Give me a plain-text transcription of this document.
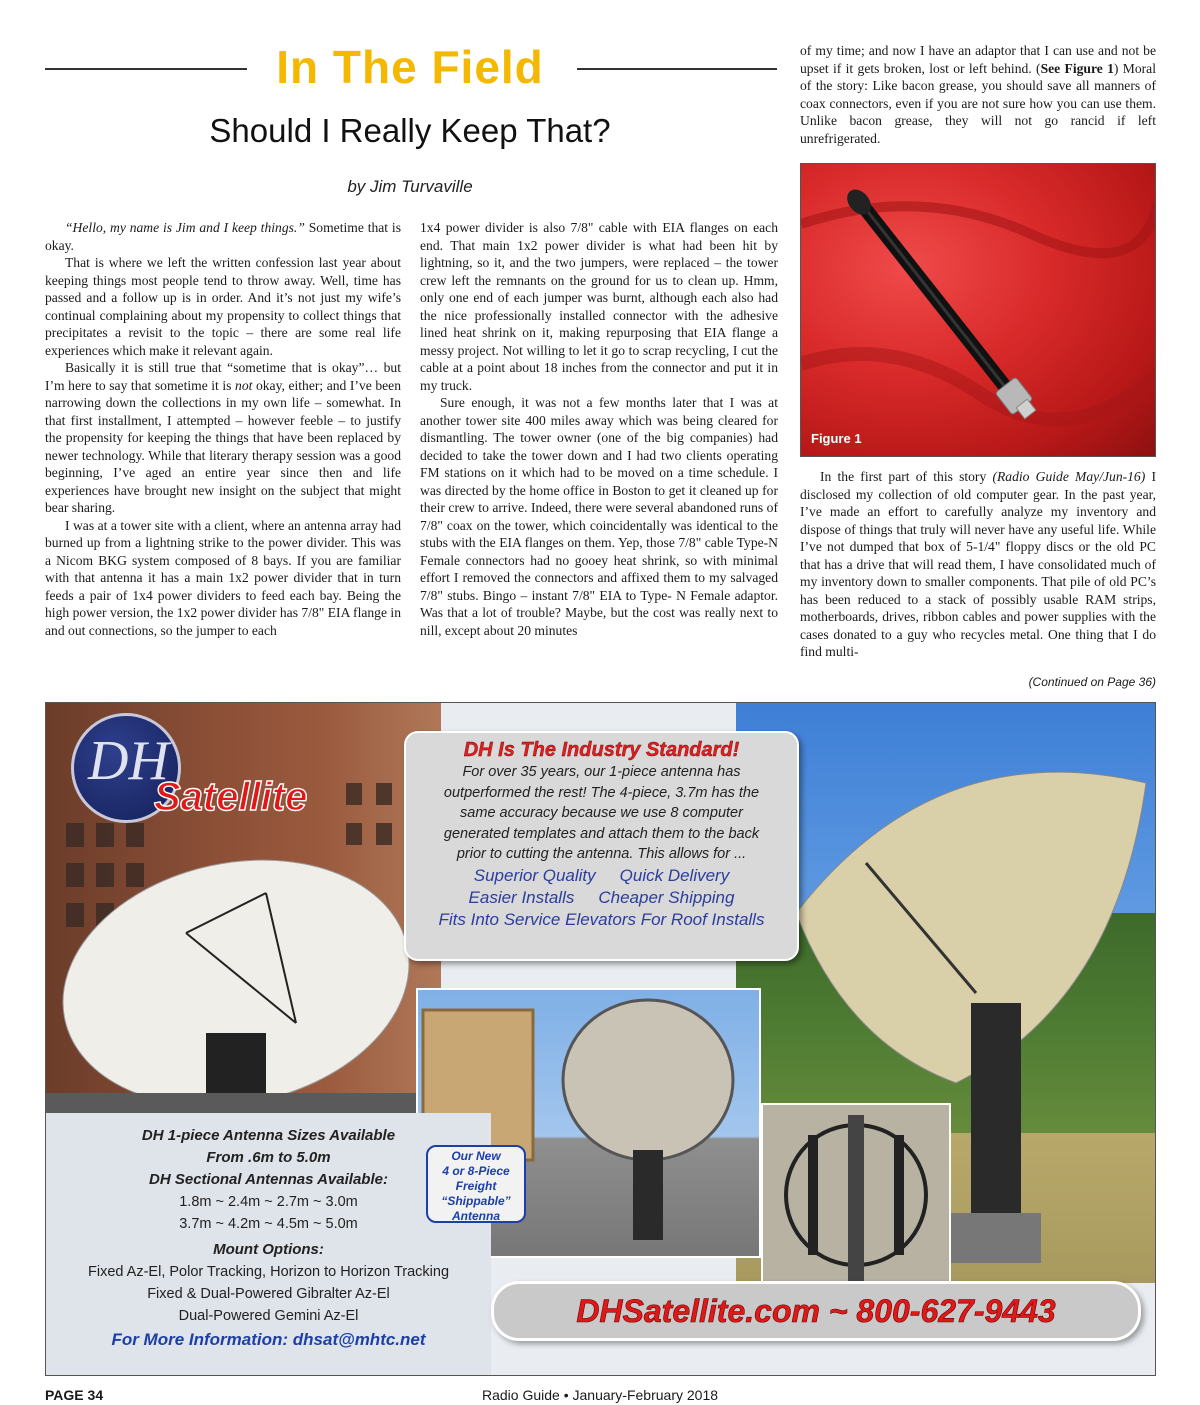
In The Field
Should I Really Keep That?
by Jim Turvaville

“Hello, my name is Jim and I keep things.” Sometime that is okay.

That is where we left the written confession last year about keeping things most people tend to throw away. Well, time has passed and a follow up is in order. And it’s not just my wife’s continual complaining about my propensity to collect things that precipitates a revisit to the topic – there are some real life experiences which make it relevant again.

Basically it is still true that “sometime that is okay”… but I’m here to say that sometime it is not okay, either; and I’ve been narrowing down the collections in my own life – somewhat. In that first installment, I attempted – however feeble – to justify the propensity for keeping the things that have been replaced by newer technology. While that literary therapy session was a good beginning, I’ve aged an entire year since then and life experiences have brought new insight on the subject that might bear sharing.

I was at a tower site with a client, where an antenna array had burned up from a lightning strike to the power divider. This was a Nicom BKG system composed of 8 bays. If you are familiar with that antenna it has a main 1x2 power divider that in turn feeds a pair of 1x4 power dividers to feed each bay. Being the high power version, the 1x2 power divider has 7/8" EIA flange in and out connections, so the jumper to each

1x4 power divider is also 7/8" cable with EIA flanges on each end. That main 1x2 power divider is what had been hit by lightning, so it, and the two jumpers, were replaced – the tower crew left the remnants on the ground for us to clean up. Hmm, only one end of each jumper was burnt, although each also had the nice professionally installed connector with the adhesive lined heat shrink on it, making repurposing that EIA flange a messy project. Not willing to let it go to scrap recycling, I cut the cable at a point about 18 inches from the connector and put it in my truck.

Sure enough, it was not a few months later that I was at another tower site 400 miles away which was being cleared for dismantling. The tower owner (one of the big companies) had decided to take the tower down and I had two clients operating FM stations on it which had to be moved on a time schedule. I was directed by the home office in Boston to get it cleaned up for their crew to arrive. Indeed, there were several abandoned runs of 7/8" coax on the tower, which coincidentally was identical to the stubs with the EIA flanges on them. Yep, those 7/8" cable Type-N Female connectors had no gooey heat shrink, so with minimal effort I removed the connectors and affixed them to my salvaged 7/8" stubs. Bingo – instant 7/8" EIA to Type- N Female adaptor. Was that a lot of trouble? Maybe, but the cost was really next to nill, except about 20 minutes

of my time; and now I have an adaptor that I can use and not be upset if it gets broken, lost or left behind. (See Figure 1) Moral of the story: Like bacon grease, you should save all manners of coax connectors, even if you are not sure how you can use them. Unlike bacon grease, they will not go rancid if left unrefrigerated.

Figure 1

In the first part of this story (Radio Guide May/Jun-16) I disclosed my collection of old computer gear. In the past year, I’ve made an effort to carefully analyze my inventory and dispose of things that truly will never have any useful life. While I’ve not dumped that box of 5-1/4" floppy discs or the old PC that has a drive that will read them, I have consolidated much of my inventory down to smaller components. That pile of old PC’s has been reduced to a stack of possibly usable RAM strips, motherboards, drives, ribbon cables and power supplies with the cases donated to a guy who recycles metal. One thing that I do find multi-

(Continued on Page 36)
DH
Satellite
DH Is The Industry Standard!
For over 35 years, our 1-piece antenna has
outperformed the rest! The 4-piece, 3.7m has the
same accuracy because we use 8 computer
generated templates and attach them to the back
prior to cutting the antenna. This allows for ...
Superior Quality Quick Delivery
Easier Installs Cheaper Shipping
Fits Into Service Elevators For Roof Installs
DH 1-piece Antenna Sizes Available
From .6m to 5.0m
DH Sectional Antennas Available:
1.8m ~ 2.4m ~ 2.7m ~ 3.0m
3.7m ~ 4.2m ~ 4.5m ~ 5.0m
Mount Options:
Fixed Az-El, Polor Tracking, Horizon to Horizon Tracking
Fixed & Dual-Powered Gibralter Az-El
Dual-Powered Gemini Az-El
For More Information: dhsat@mhtc.net
Our New
4 or 8-Piece
Freight
“Shippable”
Antenna
DHSatellite.com ~ 800-627-9443
PAGE 34	Radio Guide • January-February 2018
